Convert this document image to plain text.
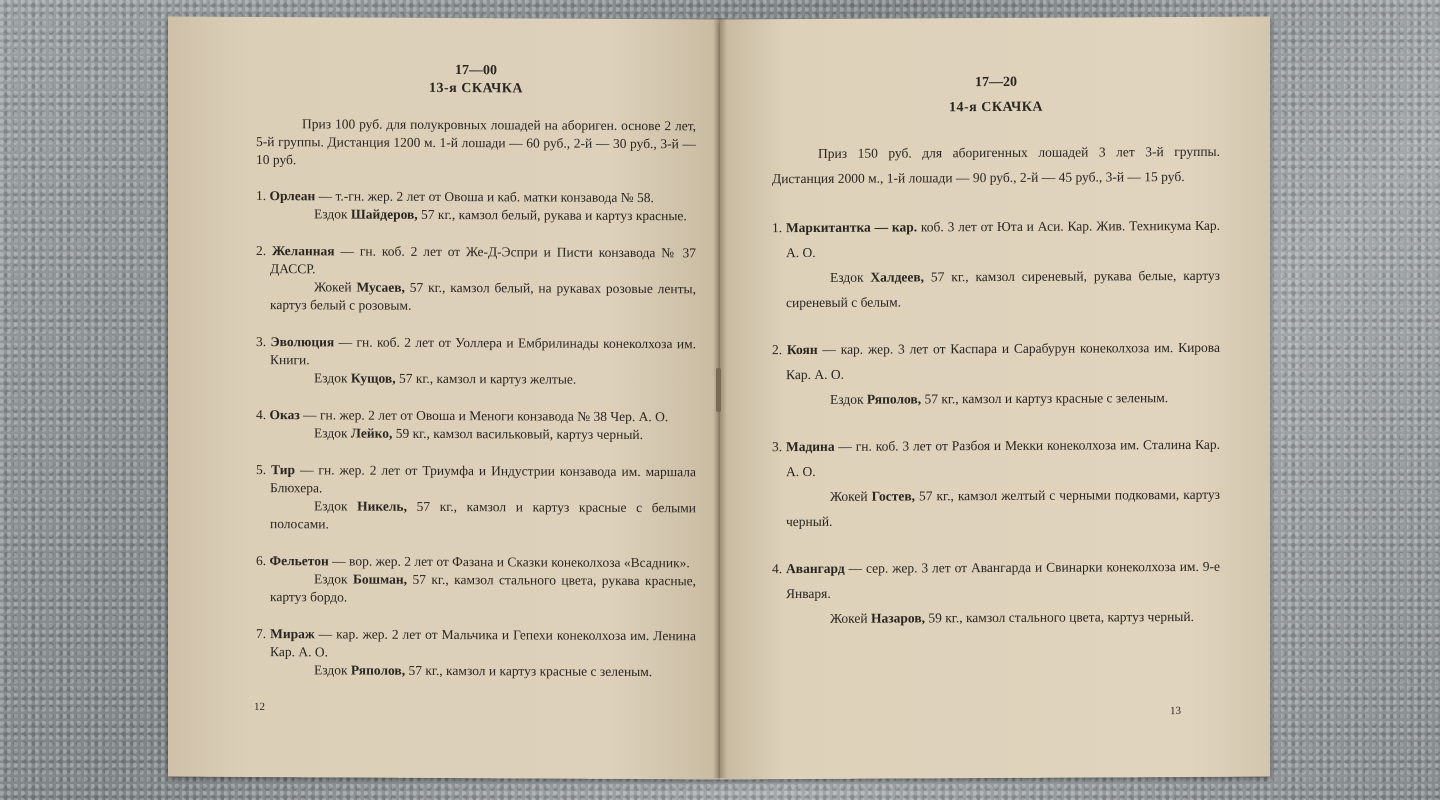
17—00

13-я СКАЧКА

Приз 100 руб. для полукровных лошадей на абориген. основе 2 лет, 5-й группы. Дистанция 1200 м. 1-й лошади — 60 руб., 2-й — 30 руб., 3-й — 10 руб.

1. Орлеан — т.-гн. жер. 2 лет от Овоша и каб. матки конзавода № 58.
Ездок Шайдеров, 57 кг., камзол белый, рукава и картуз красные.
2. Желанная — гн. коб. 2 лет от Же-Д-Эспри и Писти конзавода № 37 ДАССР.
Жокей Мусаев, 57 кг., камзол белый, на рукавах розовые ленты, картуз белый с розовым.
3. Эволюция — гн. коб. 2 лет от Уоллера и Ембрилинады конеколхоза им. Книги.
Ездок Кущов, 57 кг., камзол и картуз желтые.
4. Оказ — гн. жер. 2 лет от Овоша и Меноги конзавода № 38 Чер. А. О.
Ездок Лейко, 59 кг., камзол васильковый, картуз черный.
5. Тир — гн. жер. 2 лет от Триумфа и Индустрии конзавода им. маршала Блюхера.
Ездок Никель, 57 кг., камзол и картуз красные с белыми полосами.
6. Фельетон — вор. жер. 2 лет от Фазана и Сказки конеколхоза «Всадник».
Ездок Бошман, 57 кг., камзол стального цвета, рукава красные, картуз бордо.
7. Мираж — кар. жер. 2 лет от Мальчика и Гепехи конеколхоза им. Ленина Кар. А. О.
Ездок Ряполов, 57 кг., камзол и картуз красные с зеленым.
12

17—20

14-я СКАЧКА

Приз 150 руб. для аборигенных лошадей 3 лет 3-й группы. Дистанция 2000 м., 1-й лошади — 90 руб., 2-й — 45 руб., 3-й — 15 руб.

1. Маркитантка — кар. коб. 3 лет от Юта и Аси. Кар. Жив. Техникума Кар. А. О.
Ездок Халдеев, 57 кг., камзол сиреневый, рукава белые, картуз сиреневый с белым.
2. Коян — кар. жер. 3 лет от Каспара и Сарабурун конеколхоза им. Кирова Кар. А. О.
Ездок Ряполов, 57 кг., камзол и картуз красные с зеленым.
3. Мадина — гн. коб. 3 лет от Разбоя и Мекки конеколхоза им. Сталина Кар. А. О.
Жокей Гостев, 57 кг., камзол желтый с черными подковами, картуз черный.
4. Авангард — сер. жер. 3 лет от Авангарда и Свинарки конеколхоза им. 9-е Января.
Жокей Назаров, 59 кг., камзол стального цвета, картуз черный.
13
